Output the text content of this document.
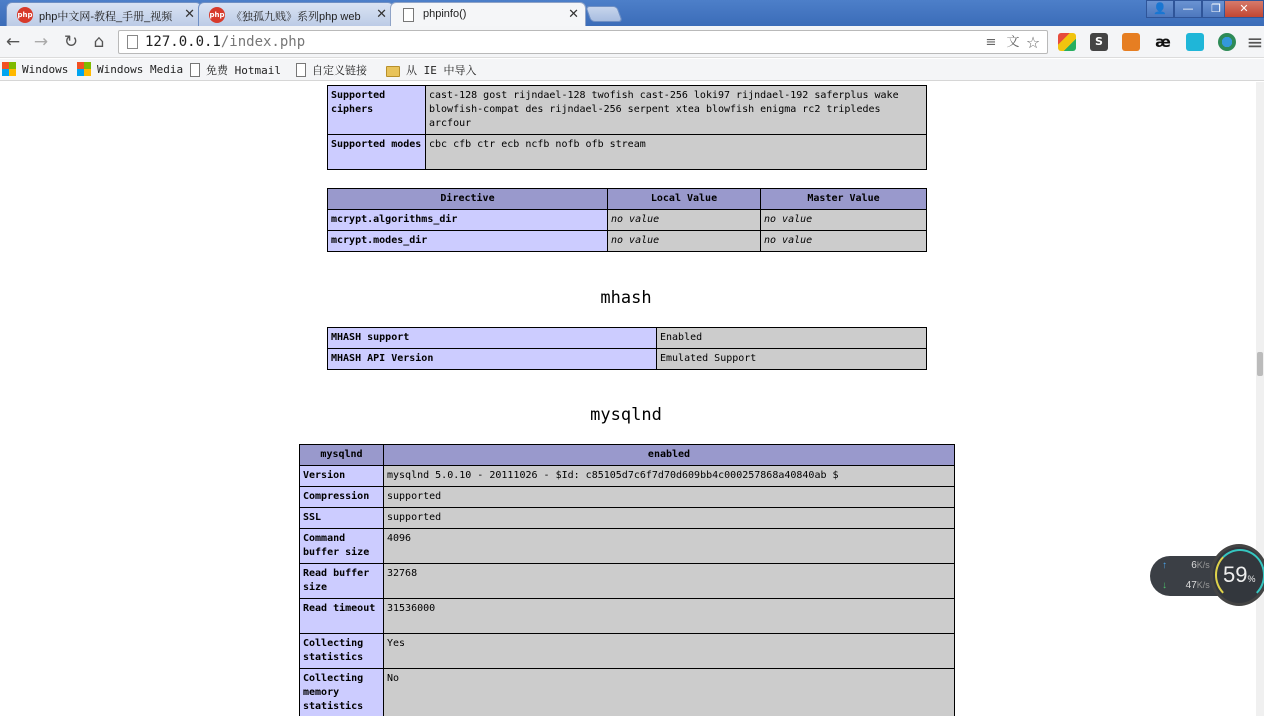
php php中文网-教程_手册_视频 ✕ php 《独孤九贱》系列php web	✕	phpinfo()	✕	👤	—	❐	✕
← → ↻ ⌂	127.0.0.1/index.php	≡ 文 ☆	S	æ	≡
Windows	Windows Media	免费 Hotmail	自定义链接	从 IE 中导入
Supported ciphers	cast-128 gost rijndael-128 twofish cast-256 loki97 rijndael-192 saferplus wake blowfish-compat des rijndael-256 serpent xtea blowfish enigma rc2 tripledes arcfour
Supported modes	cbc cfb ctr ecb ncfb nofb ofb stream
Directive	Local Value	Master Value
mcrypt.algorithms_dir	no value	no value
mcrypt.modes_dir	no value	no value
mhash
MHASH support	Enabled
MHASH API Version	Emulated Support
mysqlnd
mysqlnd	enabled
Version	mysqlnd 5.0.10 - 20111026 - $Id: c85105d7c6f7d70d609bb4c000257868a40840ab $
Compression	supported
SSL	supported
Command buffer size	4096
Read buffer size	32768
Read timeout	31536000
Collecting statistics	Yes
Collecting memory statistics	No
↑ 6K/s
↓ 47K/s 59%
